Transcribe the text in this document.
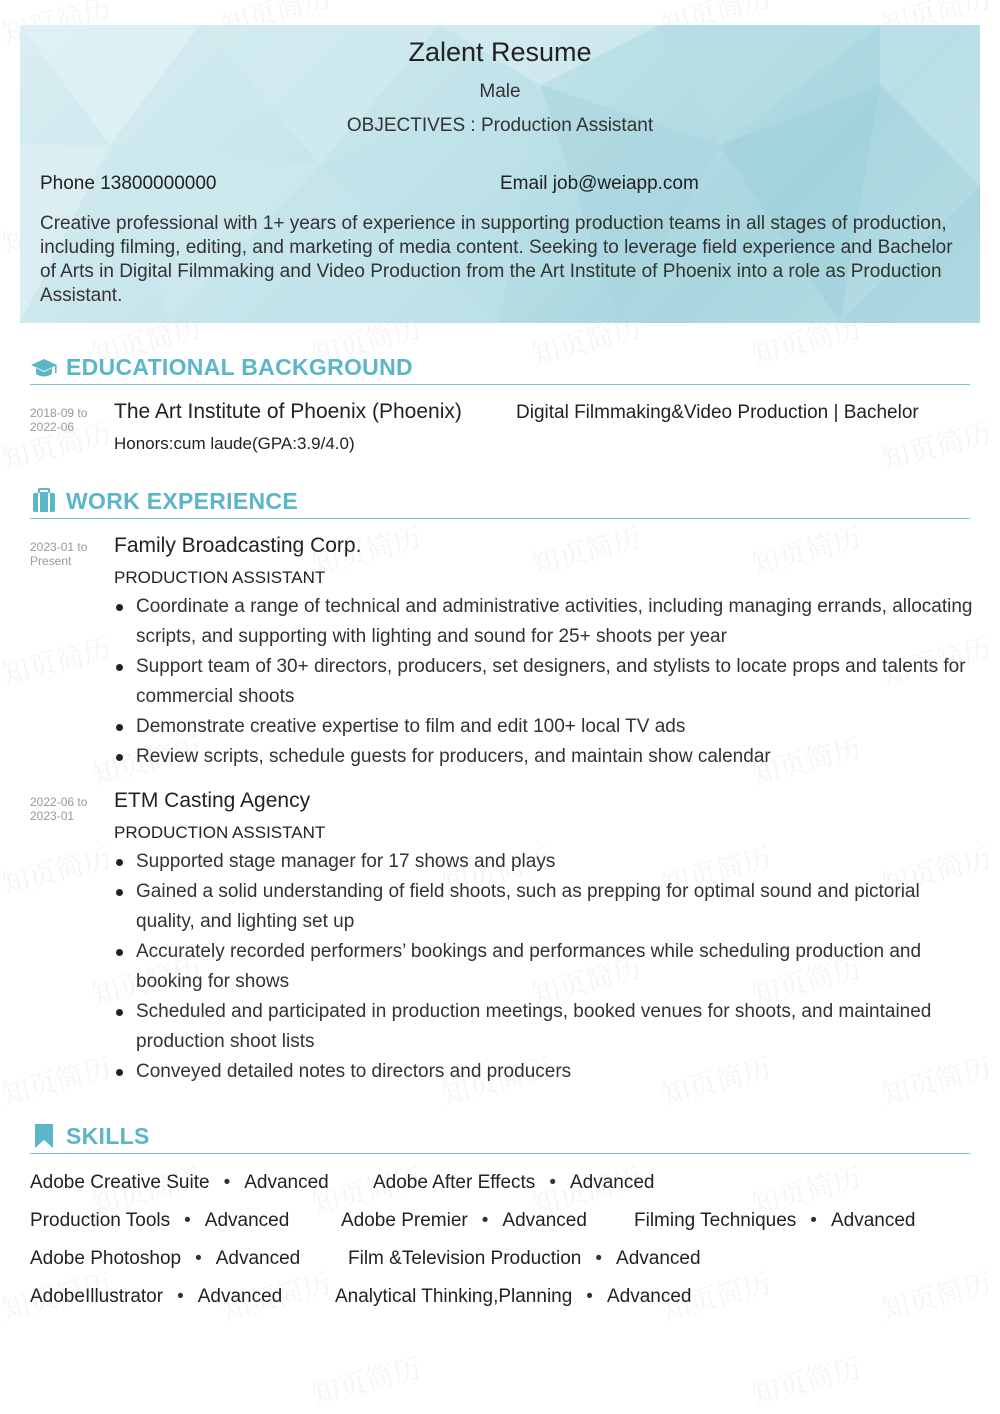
Zalent Resume
Male
OBJECTIVES : Production Assistant
Phone 13800000000	Email job@weiapp.com
Creative professional with 1+ years of experience in supporting production teams in all stages of production, including filming, editing, and marketing of media content. Seeking to leverage field experience and Bachelor of Arts in Digital Filmmaking and Video Production from the Art Institute of Phoenix into a role as Production Assistant.
EDUCATIONAL BACKGROUND
2018-09 to
2022-06
The Art Institute of Phoenix (Phoenix)	Digital Filmmaking&Video Production | Bachelor
Honors:cum laude(GPA:3.9/4.0)
WORK EXPERIENCE
2023-01 to
Present
Family Broadcasting Corp.
PRODUCTION ASSISTANT
Coordinate a range of technical and administrative activities, including managing errands, allocating scripts, and supporting with lighting and sound for 25+ shoots per year
Support team of 30+ directors, producers, set designers, and stylists to locate props and talents for commercial shoots
Demonstrate creative expertise to film and edit 100+ local TV ads
Review scripts, schedule guests for producers, and maintain show calendar
2022-06 to
2023-01
ETM Casting Agency
PRODUCTION ASSISTANT
Supported stage manager for 17 shows and plays
Gained a solid understanding of field shoots, such as prepping for optimal sound and pictorial quality, and lighting set up
Accurately recorded performers’ bookings and performances while scheduling production and booking for shows
Scheduled and participated in production meetings, booked venues for shoots, and maintained production shoot lists
Conveyed detailed notes to directors and producers
SKILLS
Adobe Creative Suite • Advanced Adobe After Effects • Advanced
Production Tools • Advanced	Adobe Premier • Advanced Filming Techniques • Advanced
Adobe Photoshop • Advanced	Film &Television Production • Advanced
AdobeIllustrator • Advanced	Analytical Thinking,Planning • Advanced
